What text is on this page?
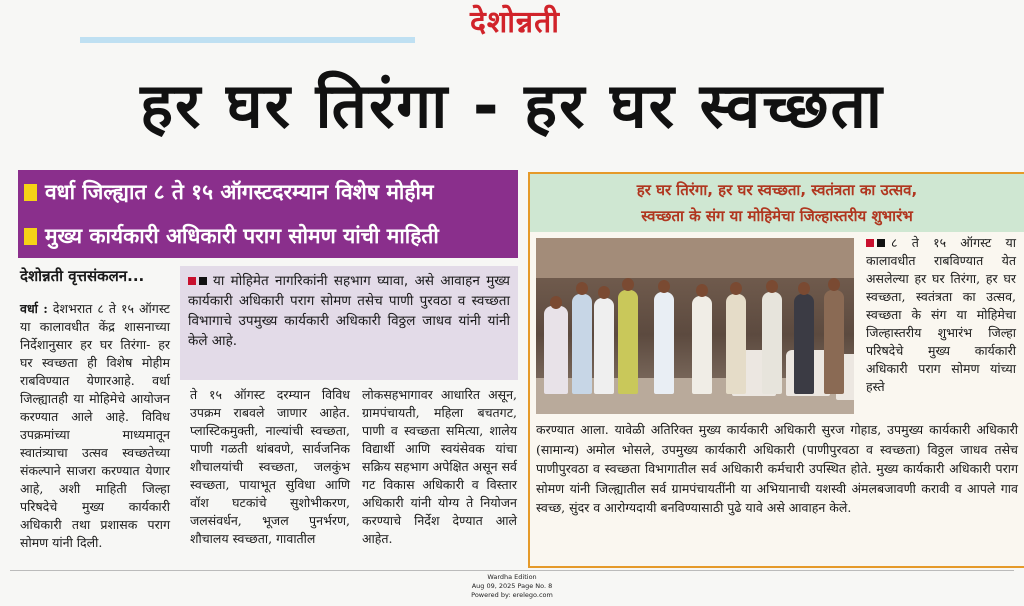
देशोन्नती
हर घर तिरंगा - हर घर स्वच्छता
वर्धा जिल्ह्यात ८ ते १५ ऑगस्टदरम्यान विशेष मोहीम
मुख्य कार्यकारी अधिकारी पराग सोमण यांची माहिती
देशोन्नती वृत्तसंकलन...
वर्धा : देशभरात ८ ते १५ ऑगस्ट या कालावधीत केंद्र शासनाच्या निर्देशानुसार हर घर तिरंगा- हर घर स्वच्छता ही विशेष मोहीम राबविण्यात येणारआहे. वर्धा जिल्ह्यातही या मोहिमेचे आयोजन करण्यात आले आहे. विविध उपक्रमांच्या माध्यमातून स्वातंत्र्याचा उत्सव स्वच्छतेच्या संकल्पाने साजरा करण्यात येणार आहे, अशी माहिती जिल्हा परिषदेचे मुख्य कार्यकारी अधिकारी तथा प्रशासक पराग सोमण यांनी दिली.
या मोहिमेत नागरिकांनी सहभाग घ्यावा, असे आवाहन मुख्य कार्यकारी अधिकारी पराग सोमण तसेच पाणी पुरवठा व स्वच्छता विभागाचे उपमुख्य कार्यकारी अधिकारी विठ्ठल जाधव यांनी यांनी केले आहे.
ते १५ ऑगस्ट दरम्यान विविध उपक्रम राबवले जाणार आहेत. प्लास्टिकमुक्ती, नाल्यांची स्वच्छता, पाणी गळती थांबवणे, सार्वजनिक शौचालयांची स्वच्छता, जलकुंभ स्वच्छता, पायाभूत सुविधा आणि वॉश घटकांचे सुशोभीकरण, जलसंवर्धन, भूजल पुनर्भरण, शौचालय स्वच्छता, गावातील
लोकसहभागावर आधारित असून, ग्रामपंचायती, महिला बचतगट, पाणी व स्वच्छता समित्या, शालेय विद्यार्थी आणि स्वयंसेवक यांचा सक्रिय सहभाग अपेक्षित असून सर्व गट विकास अधिकारी व विस्तार अधिकारी यांनी योग्य ते नियोजन करण्याचे निर्देश देण्यात आले आहेत.
हर घर तिरंगा, हर घर स्वच्छता, स्वतंत्रता का उत्सव,
स्वच्छता के संग या मोहिमेचा जिल्हास्तरीय शुभारंभ
८ ते १५ ऑगस्ट या कालावधीत राबविण्यात येत असलेल्या हर घर तिरंगा, हर घर स्वच्छता, स्वतंत्रता का उत्सव, स्वच्छता के संग या मोहिमेचा जिल्हास्तरीय शुभारंभ जिल्हा परिषदेचे मुख्य कार्यकारी अधिकारी पराग सोमण यांच्या हस्ते
करण्यात आला. यावेळी अतिरिक्त मुख्य कार्यकारी अधिकारी सुरज गोहाड, उपमुख्य कार्यकारी अधिकारी (सामान्य) अमोल भोसले, उपमुख्य कार्यकारी अधिकारी (पाणीपुरवठा व स्वच्छता) विठ्ठल जाधव तसेच पाणीपुरवठा व स्वच्छता विभागातील सर्व अधिकारी कर्मचारी उपस्थित होते. मुख्य कार्यकारी अधिकारी पराग सोमण यांनी जिल्ह्यातील सर्व ग्रामपंचायतींनी या अभियानाची यशस्वी अंमलबजावणी करावी व आपले गाव स्वच्छ, सुंदर व आरोग्यदायी बनविण्यासाठी पुढे यावे असे आवाहन केले.
Wardha Edition
Aug 09, 2025 Page No. 8
Powered by: erelego.com
